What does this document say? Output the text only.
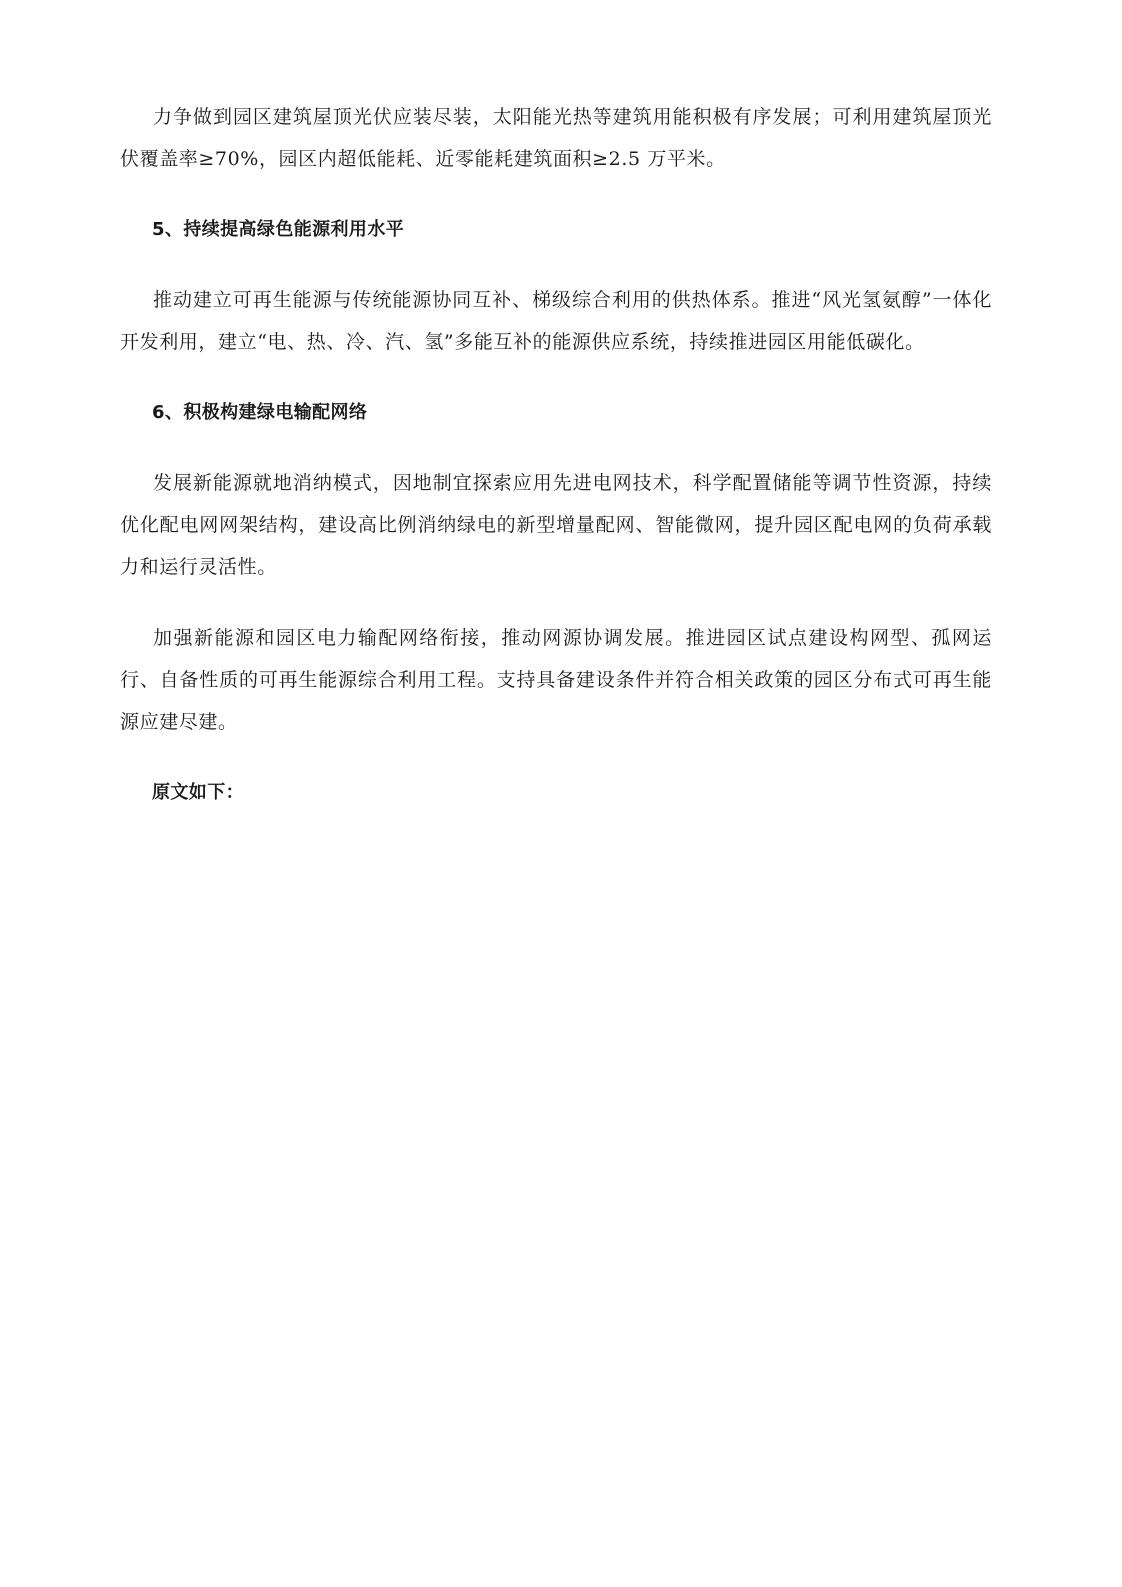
力争做到园区建筑屋顶光伏应装尽装，太阳能光热等建筑用能积极有序发展；可利用建筑屋顶光伏覆盖率≥70%，园区内超低能耗、近零能耗建筑面积≥2.5 万平米。

5、持续提高绿色能源利用水平

推动建立可再生能源与传统能源协同互补、梯级综合利用的供热体系。推进“风光氢氨醇”一体化开发利用，建立“电、热、冷、汽、氢”多能互补的能源供应系统，持续推进园区用能低碳化。

6、积极构建绿电输配网络

发展新能源就地消纳模式，因地制宜探索应用先进电网技术，科学配置储能等调节性资源，持续优化配电网网架结构，建设高比例消纳绿电的新型增量配网、智能微网，提升园区配电网的负荷承载力和运行灵活性。

加强新能源和园区电力输配网络衔接，推动网源协调发展。推进园区试点建设构网型、孤网运行、自备性质的可再生能源综合利用工程。支持具备建设条件并符合相关政策的园区分布式可再生能源应建尽建。

原文如下：
